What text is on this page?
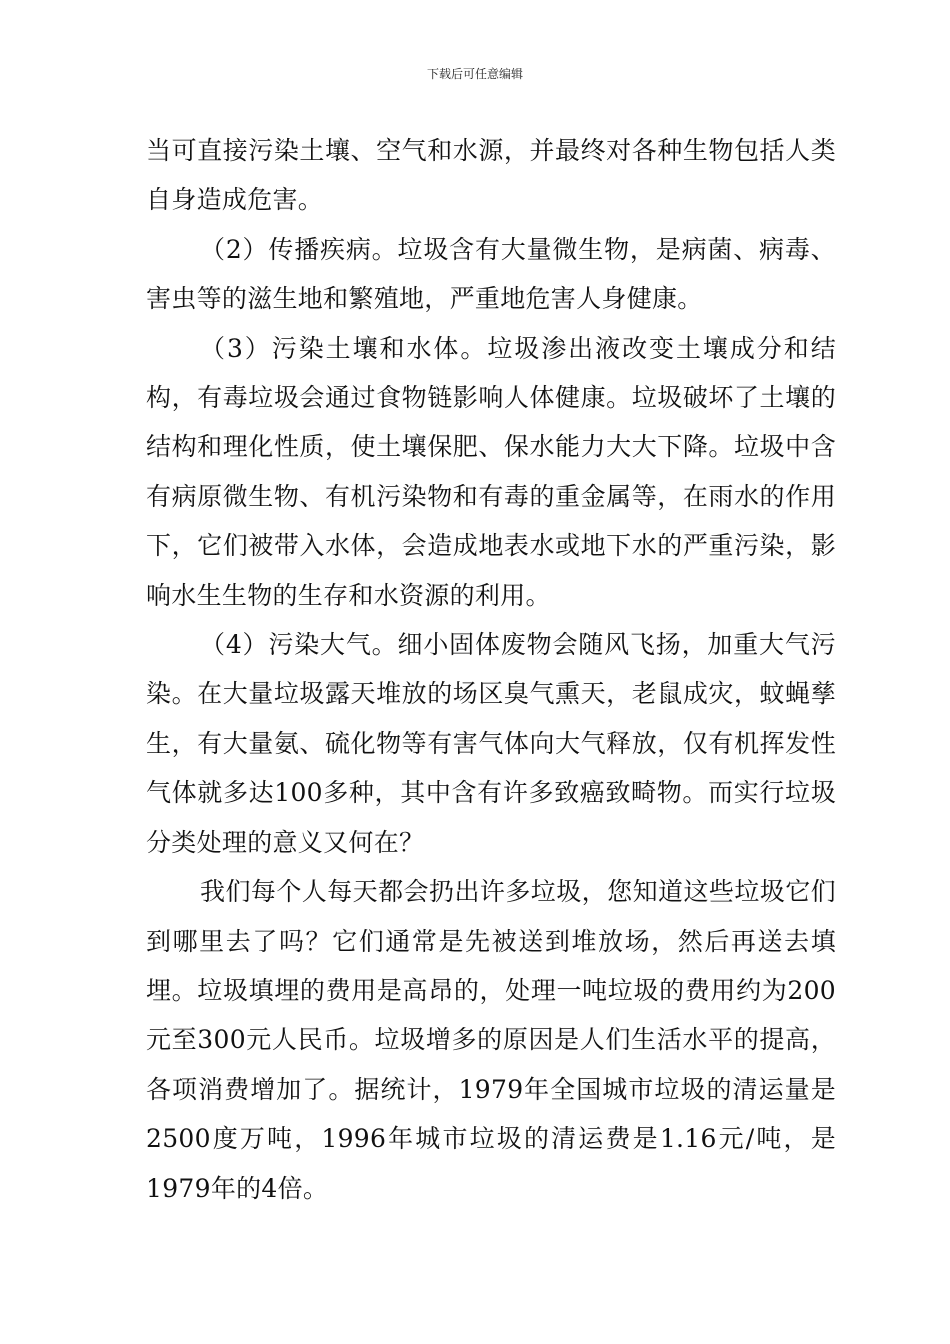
下载后可任意编辑

当可直接污染土壤、空气和水源，并最终对各种生物包括人类自身造成危害。

（2）传播疾病。垃圾含有大量微生物，是病菌、病毒、害虫等的滋生地和繁殖地，严重地危害人身健康。

（3）污染土壤和水体。垃圾渗出液改变土壤成分和结构，有毒垃圾会通过食物链影响人体健康。垃圾破坏了土壤的结构和理化性质，使土壤保肥、保水能力大大下降。垃圾中含有病原微生物、有机污染物和有毒的重金属等，在雨水的作用下，它们被带入水体，会造成地表水或地下水的严重污染，影响水生生物的生存和水资源的利用。

（4）污染大气。细小固体废物会随风飞扬，加重大气污染。在大量垃圾露天堆放的场区臭气熏天，老鼠成灾，蚊蝇孳生，有大量氨、硫化物等有害气体向大气释放，仅有机挥发性气体就多达100多种，其中含有许多致癌致畸物。而实行垃圾分类处理的意义又何在？

我们每个人每天都会扔出许多垃圾，您知道这些垃圾它们到哪里去了吗？它们通常是先被送到堆放场，然后再送去填埋。垃圾填埋的费用是高昂的，处理一吨垃圾的费用约为200元至300元人民币。垃圾增多的原因是人们生活水平的提高，各项消费增加了。据统计，1979年全国城市垃圾的清运量是2500度万吨，1996年城市垃圾的清运费是1.16元/吨，是1979年的4倍。
